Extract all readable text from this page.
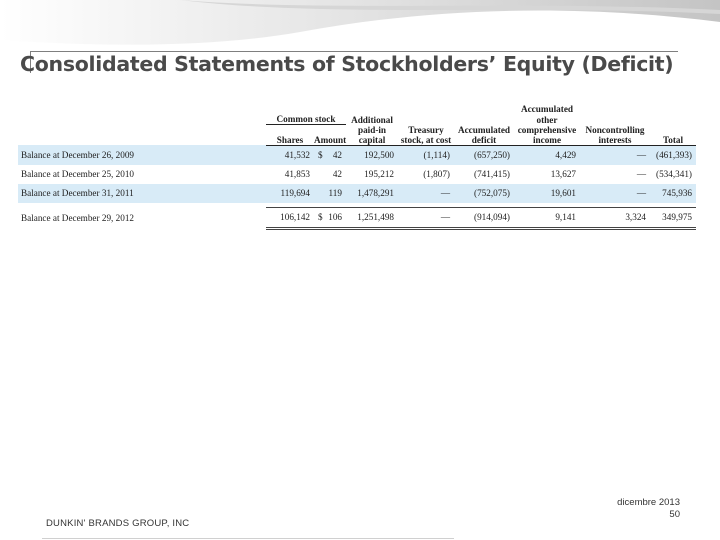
Consolidated Statements of Stockholders’ Equity (Deficit)
							Accumulated		
	Common stock			Additional			other		
				paid-in	Treasury	Accumulated	comprehensive	Noncontrolling	
	Shares	Amount		capital	stock, at cost	deficit	income	interests	Total
Balance at December 26, 2009	41,532	$	42	192,500	(1,114)	(657,250)	4,429	—	(461,393)
Balance at December 25, 2010	41,853		42	195,212	(1,807)	(741,415)	13,627	—	(534,341)
Balance at December 31, 2011	119,694		119	1,478,291	—	(752,075)	19,601	—	745,936

Balance at December 29, 2012	106,142	$	106	1,251,498	—	(914,094)	9,141	3,324	349,975
DUNKIN' BRANDS GROUP, INC
dicembre 2013
50
